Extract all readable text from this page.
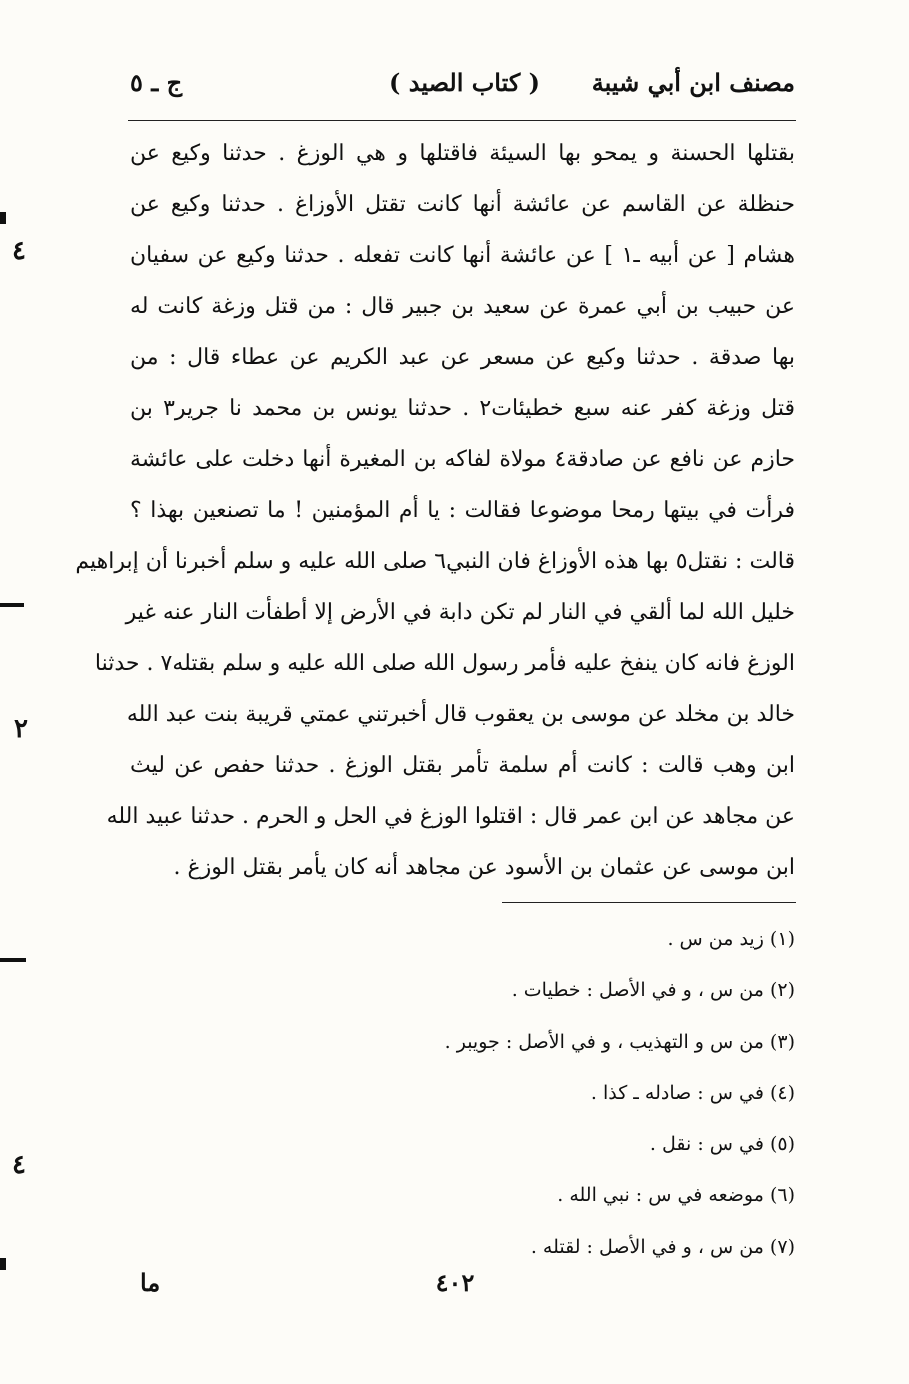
مصنف ابن أبي شيبة
( كتاب الصيد )
ج ـ ٥
بقتلها الحسنة و يمحو بها السيئة فاقتلها و هي الوزغ . حدثنا وكيع عن
حنظلة عن القاسم عن عائشة أنها كانت تقتل الأوزاغ . حدثنا وكيع عن
هشام [ عن أبيه ـ١ ] عن عائشة أنها كانت تفعله . حدثنا وكيع عن سفيان
عن حبيب بن أبي عمرة عن سعيد بن جبير قال : من قتل وزغة كانت له
بها صدقة . حدثنا وكيع عن مسعر عن عبد الكريم عن عطاء قال : من
قتل وزغة كفر عنه سبع خطيئات٢ . حدثنا يونس بن محمد نا جرير٣ بن
حازم عن نافع عن صادقة٤ مولاة لفاكه بن المغيرة أنها دخلت على عائشة
فرأت في بيتها رمحا موضوعا فقالت : يا أم المؤمنين ! ما تصنعين بهذا ؟
قالت : نقتل٥ بها هذه الأوزاغ فان النبي٦ صلى الله عليه و سلم أخبرنا أن إبراهيم
خليل الله لما ألقي في النار لم تكن دابة في الأرض إلا أطفأت النار عنه غير
الوزغ فانه كان ينفخ عليه فأمر رسول الله صلى الله عليه و سلم بقتله٧ . حدثنا
خالد بن مخلد عن موسى بن يعقوب قال أخبرتني عمتي قريبة بنت عبد الله
ابن وهب قالت : كانت أم سلمة تأمر بقتل الوزغ . حدثنا حفص عن ليث
عن مجاهد عن ابن عمر قال : اقتلوا الوزغ في الحل و الحرم . حدثنا عبيد الله
ابن موسى عن عثمان بن الأسود عن مجاهد أنه كان يأمر بقتل الوزغ .
(١) زيد من س .
(٢) من س ، و في الأصل : خطيات .
(٣) من س و التهذيب ، و في الأصل : جويبر .
(٤) في س : صادله ـ كذا .
(٥) في س : نقل .
(٦) موضعه في س : نبي الله .
(٧) من س ، و في الأصل : لقتله .
٤٠٢
ما
٤
٢
٤
